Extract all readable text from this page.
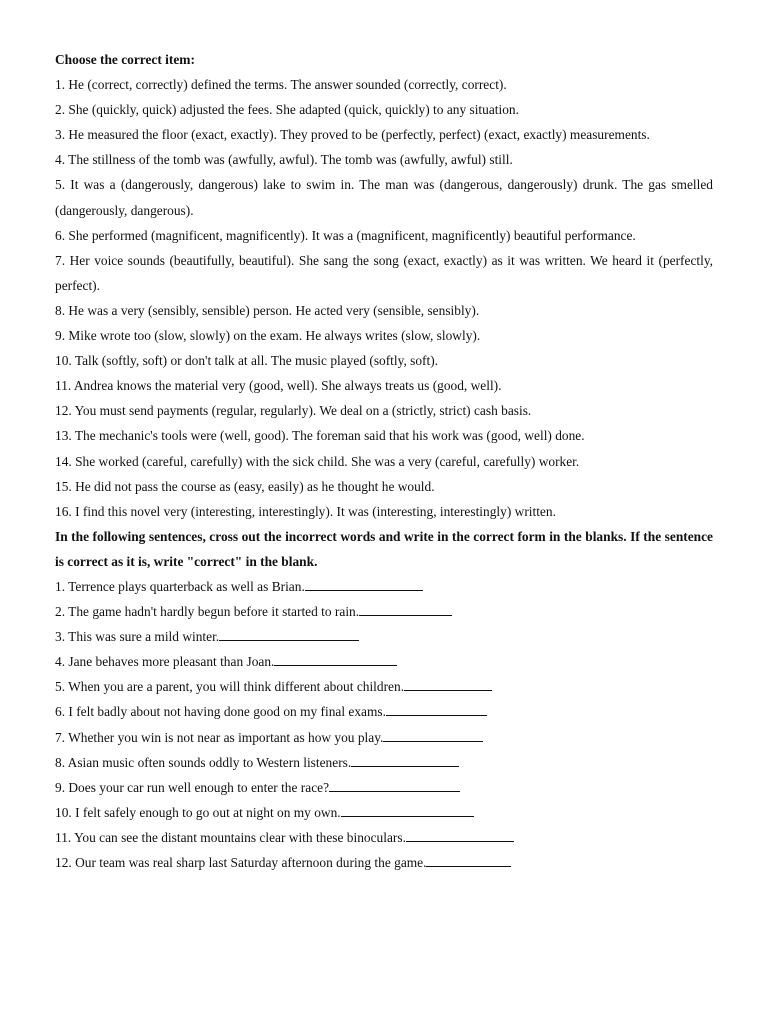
Choose the correct item:
1. He (correct, correctly) defined the terms. The answer sounded (correctly, correct).
2. She (quickly, quick) adjusted the fees. She adapted (quick, quickly) to any situation.
3. He measured the floor (exact, exactly). They proved to be (perfectly, perfect) (exact, exactly) measurements.
4. The stillness of the tomb was (awfully, awful). The tomb was (awfully, awful) still.
5. It was a (dangerously, dangerous) lake to swim in. The man was (dangerous, dangerously) drunk. The gas smelled (dangerously, dangerous).
6. She performed (magnificent, magnificently). It was a (magnificent, magnificently) beautiful performance.
7. Her voice sounds (beautifully, beautiful). She sang the song (exact, exactly) as it was written. We heard it (perfectly, perfect).
8. He was a very (sensibly, sensible) person. He acted very (sensible, sensibly).
9. Mike wrote too (slow, slowly) on the exam. He always writes (slow, slowly).
10. Talk (softly, soft) or don't talk at all. The music played (softly, soft).
11. Andrea knows the material very (good, well). She always treats us (good, well).
12. You must send payments (regular, regularly). We deal on a (strictly, strict) cash basis.
13. The mechanic's tools were (well, good). The foreman said that his work was (good, well) done.
14. She worked (careful, carefully) with the sick child. She was a very (careful, carefully) worker.
15. He did not pass the course as (easy, easily) as he thought he would.
16. I find this novel very (interesting, interestingly). It was (interesting, interestingly) written.
In the following sentences, cross out the incorrect words and write in the correct form in the blanks. If the sentence is correct as it is, write "correct" in the blank.
1. Terrence plays quarterback as well as Brian.
2. The game hadn't hardly begun before it started to rain.
3. This was sure a mild winter.
4. Jane behaves more pleasant than Joan.
5. When you are a parent, you will think different about children.
6. I felt badly about not having done good on my final exams.
7. Whether you win is not near as important as how you play.
8. Asian music often sounds oddly to Western listeners.
9. Does your car run well enough to enter the race?
10. I felt safely enough to go out at night on my own.
11. You can see the distant mountains clear with these binoculars.
12. Our team was real sharp last Saturday afternoon during the game.
